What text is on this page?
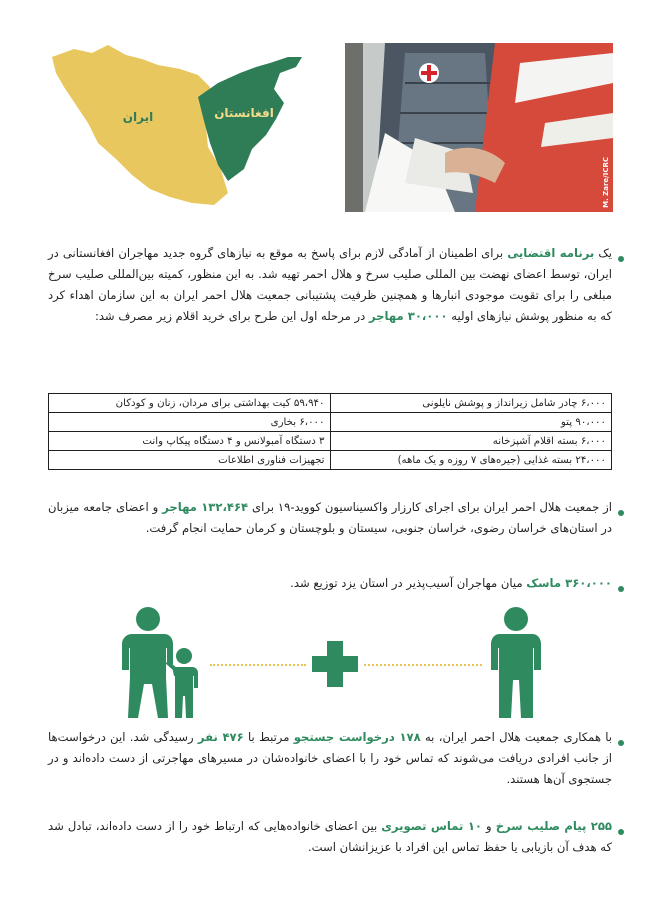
ایران	افغانستان
M. Zare/ICRC
یک برنامه اقتضایی برای اطمینان از آمادگی لازم برای پاسخ به موقع به نیازهای گروه جدید مهاجران افغانستانی در ایران، توسط اعضای نهضت بین المللی صلیب سرخ و هلال احمر تهیه شد. به این منظور، کمیته بین‌المللی صلیب سرخ مبلغی را برای تقویت موجودی انبارها و همچنین ظرفیت پشتیبانی جمعیت هلال احمر ایران به این سازمان اهداء کرد که به منظور پوشش نیازهای اولیه ۳۰،۰۰۰ مهاجر در مرحله اول این طرح برای خرید اقلام زیر مصرف شد:
۶،۰۰۰ چادر شامل زیرانداز و پوشش نایلونی	۵۹،۹۴۰ کیت بهداشتی برای مردان، زنان و کودکان
۹۰،۰۰۰ پتو	۶،۰۰۰ بخاری
۶،۰۰۰ بسته اقلام آشپزخانه	۳ دستگاه آمبولانس و ۴ دستگاه پیکاپ وانت
۲۴،۰۰۰ بسته غذایی (جیره‌های ۷ روزه و یک ماهه)	تجهیزات فناوری اطلاعات
از جمعیت هلال احمر ایران برای اجرای کارزار واکسیناسیون کووید-۱۹ برای ۱۳۲،۴۶۴ مهاجر و اعضای جامعه میزبان در استان‌های خراسان رضوی، خراسان جنوبی، سیستان و بلوچستان و کرمان حمایت انجام گرفت.
۳۶۰،۰۰۰ ماسک میان مهاجران آسیب‌پذیر در استان یزد توزیع شد.
با همکاری جمعیت هلال احمر ایران، به ۱۷۸ درخواست جستجو مرتبط با ۴۷۶ نفر رسیدگی شد. این درخواست‌ها از جانب افرادی دریافت می‌شوند که تماس خود را با اعضای خانواده‌شان در مسیرهای مهاجرتی از دست داده‌اند و در جستجوی آن‌ها هستند.
۲۵۵ پیام صلیب سرخ و ۱۰ تماس تصویری بین اعضای خانواده‌هایی که ارتباط خود را از دست داده‌اند، تبادل شد که هدف آن بازیابی یا حفظ تماس این افراد با عزیزانشان است.
